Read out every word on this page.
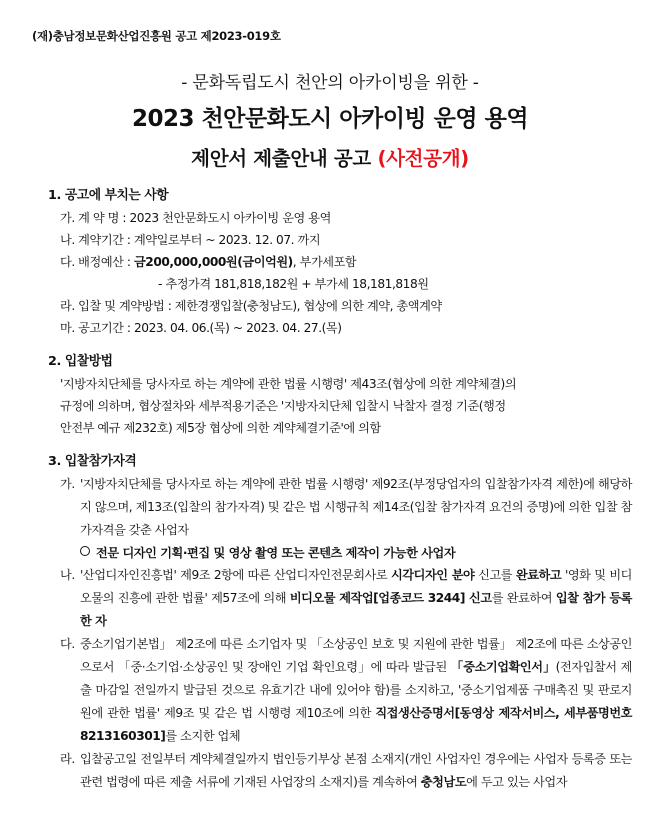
(재)충남정보문화산업진흥원 공고 제2023-019호
- 문화독립도시 천안의 아카이빙을 위한 -
2023 천안문화도시 아카이빙 운영 용역
제안서 제출안내 공고 (사전공개)
1. 공고에 부치는 사항
가. 계 약 명 : 2023 천안문화도시 아카이빙 운영 용역
나. 계약기간 : 계약일로부터 ~ 2023. 12. 07. 까지
다. 배정예산 : 금200,000,000원(금이억원), 부가세포함
- 추정가격 181,818,182원 + 부가세 18,181,818원
라. 입찰 및 계약방법 : 제한경쟁입찰(충청남도), 협상에 의한 계약, 총액계약
마. 공고기간 : 2023. 04. 06.(목) ~ 2023. 04. 27.(목)
2. 입찰방법
'지방자치단체를 당사자로 하는 계약에 관한 법률 시행령' 제43조(협상에 의한 계약체결)의
규정에 의하며, 협상절차와 세부적용기준은 '지방자치단체 입찰시 낙찰자 결정 기준(행정
안전부 예규 제232호) 제5장 협상에 의한 계약체결기준'에 의함
3. 입찰참가자격
가. '지방자치단체를 당사자로 하는 계약에 관한 법률 시행령' 제92조(부정당업자의 입찰참가자격 제한)에 해당하지 않으며, 제13조(입찰의 참가자격) 및 같은 법 시행규칙 제14조(입찰 참가자격 요건의 증명)에 의한 입찰 참가자격을 갖춘 사업자
전문 디자인 기획·편집 및 영상 촬영 또는 콘텐츠 제작이 가능한 사업자
나. '산업디자인진흥법' 제9조 2항에 따른 산업디자인전문회사로 시각디자인 분야 신고를 완료하고 '영화 및 비디오물의 진흥에 관한 법률' 제57조에 의해 비디오물 제작업[업종코드 3244] 신고를 완료하여 입찰 참가 등록한 자
다. 중소기업기본법」 제2조에 따른 소기업자 및 「소상공인 보호 및 지원에 관한 법률」 제2조에 따른 소상공인으로서 「중·소기업·소상공인 및 장애인 기업 확인요령」에 따라 발급된 「중소기업확인서」(전자입찰서 제출 마감일 전일까지 발급된 것으로 유효기간 내에 있어야 함)를 소지하고, '중소기업제품 구매촉진 및 판로지원에 관한 법률' 제9조 및 같은 법 시행령 제10조에 의한 직접생산증명서[동영상 제작서비스, 세부품명번호 8213160301]를 소지한 업체
라. 입찰공고일 전일부터 계약체결일까지 법인등기부상 본점 소재지(개인 사업자인 경우에는 사업자 등록증 또는 관련 법령에 따른 제출 서류에 기재된 사업장의 소재지)를 계속하여 충청남도에 두고 있는 사업자
